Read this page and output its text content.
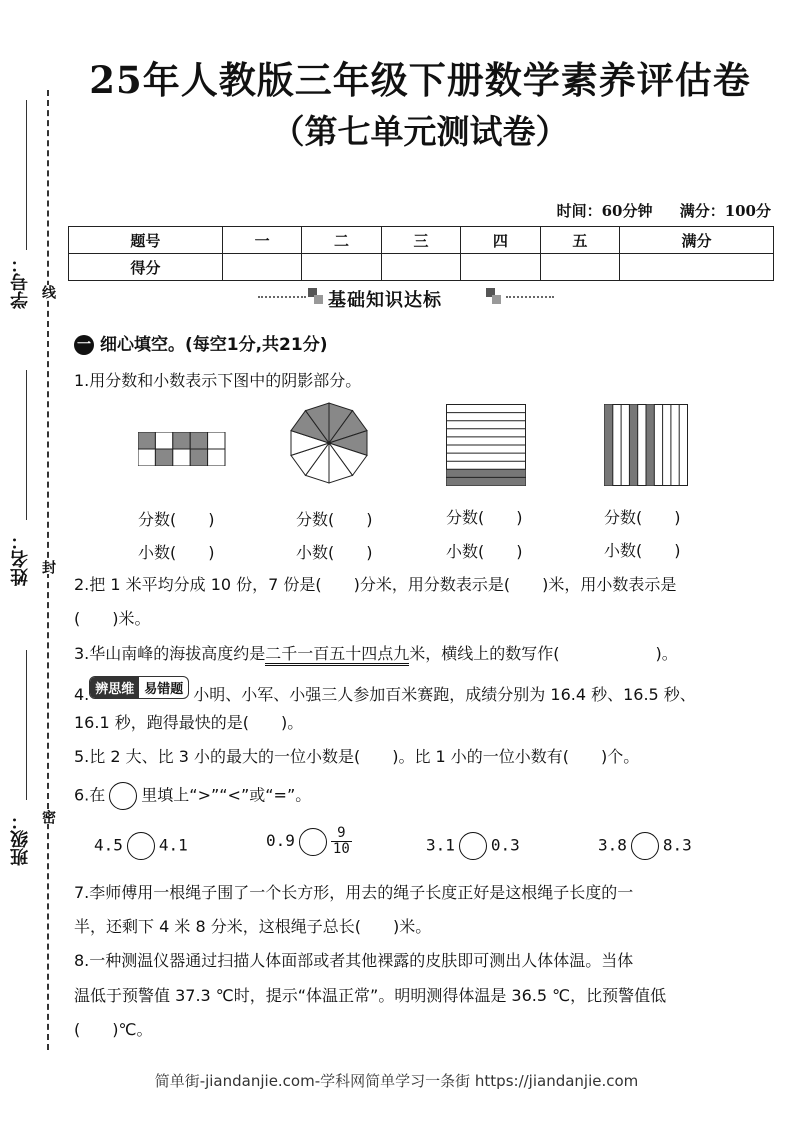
25年人教版三年级下册数学素养评估卷
（第七单元测试卷）
时间：60分钟 满分：100分
学号： 线
姓名： 封
班级： 密
题号	一	二	三	四	五	满分
得分						
基础知识达标
一 细心填空。(每空1分,共21分)
1.用分数和小数表示下图中的阴影部分。
分数(　　)
小数(　　)
分数(　　)
小数(　　)
分数(　　)
小数(　　)
分数(　　)
小数(　　)
2.把 1 米平均分成 10 份，7 份是(　　)分米，用分数表示是(　　)米，用小数表示是
(　　)米。
3.华山南峰的海拔高度约是二千一百五十四点九米，横线上的数写作(　　　　　　)。
4. 辨思维 易错题 小明、小军、小强三人参加百米赛跑，成绩分别为 16.4 秒、16.5 秒、
16.1 秒，跑得最快的是(　　)。
5.比 2 大、比 3 小的最大的一位小数是(　　)。比 1 小的一位小数有(　　)个。
6.在 里填上“>”“<”或“=”。
4.5 4.1	0.9	$\frac{9}{10}$	3.1 0.3	3.8 8.3
7.李师傅用一根绳子围了一个长方形，用去的绳子长度正好是这根绳子长度的一
半，还剩下 4 米 8 分米，这根绳子总长(　　)米。
8.一种测温仪器通过扫描人体面部或者其他裸露的皮肤即可测出人体体温。当体
温低于预警值 37.3 ℃时，提示“体温正常”。明明测得体温是 36.5 ℃，比预警值低
(　　)℃。
简单街-jiandanjie.com-学科网简单学习一条街 https://jiandanjie.com
